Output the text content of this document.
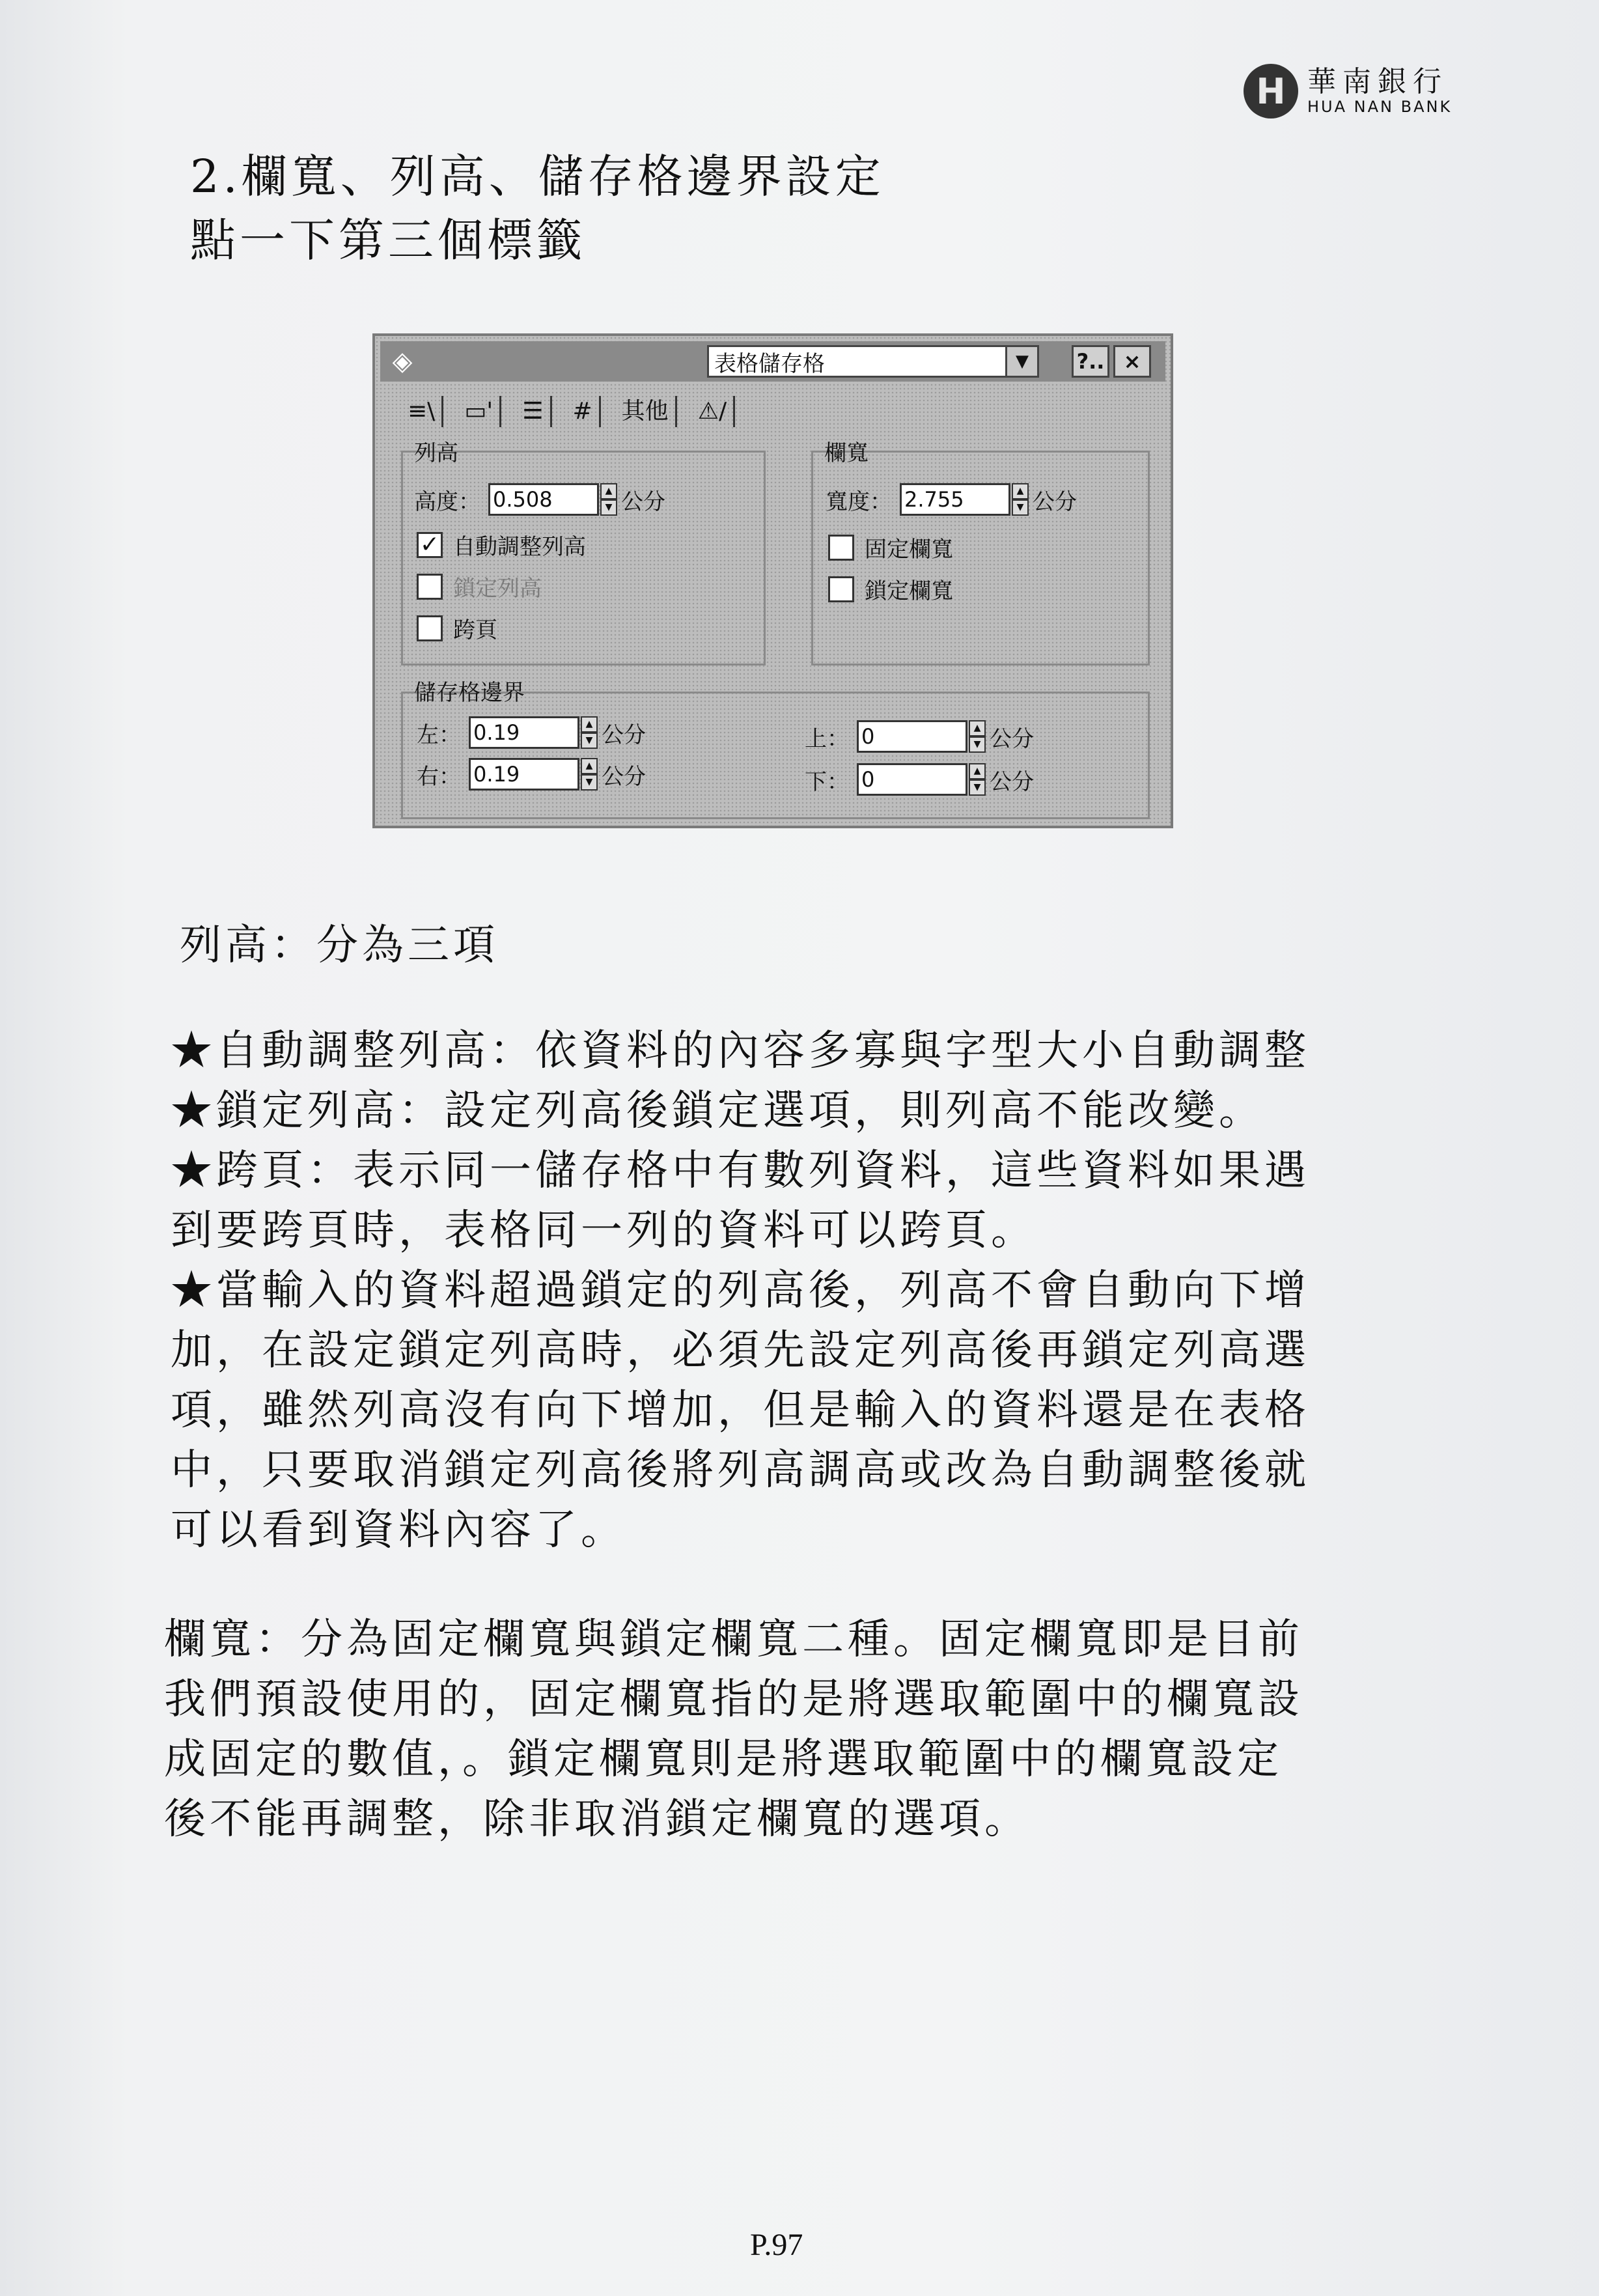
H 華南銀行
HUA NAN BANK
2.欄寬、列高、儲存格邊界設定
點一下第三個標籤
◈	表格儲存格	▼	?.. ×
≡\	▭'	☰	#	其他	⚠/
列高
高度： 0.508	▲
▼ 公分
✓ 自動調整列高
鎖定列高
跨頁
欄寬
寬度： 2.755	▲
▼ 公分
固定欄寬
鎖定欄寬
儲存格邊界
左： 0.19	▲
▼ 公分
右： 0.19	▲
▼ 公分
上： 0	▲
▼ 公分
下： 0	▲
▼ 公分
列高：分為三項
★自動調整列高：依資料的內容多寡與字型大小自動調整
★鎖定列高：設定列高後鎖定選項，則列高不能改變。
★跨頁：表示同一儲存格中有數列資料，這些資料如果遇
到要跨頁時，表格同一列的資料可以跨頁。
★當輸入的資料超過鎖定的列高後，列高不會自動向下增
加，在設定鎖定列高時，必須先設定列高後再鎖定列高選
項，雖然列高沒有向下增加，但是輸入的資料還是在表格
中，只要取消鎖定列高後將列高調高或改為自動調整後就
可以看到資料內容了。
欄寬：分為固定欄寬與鎖定欄寬二種。固定欄寬即是目前
我們預設使用的，固定欄寬指的是將選取範圍中的欄寬設
成固定的數值，。鎖定欄寬則是將選取範圍中的欄寬設定
後不能再調整，除非取消鎖定欄寬的選項。
P.97
